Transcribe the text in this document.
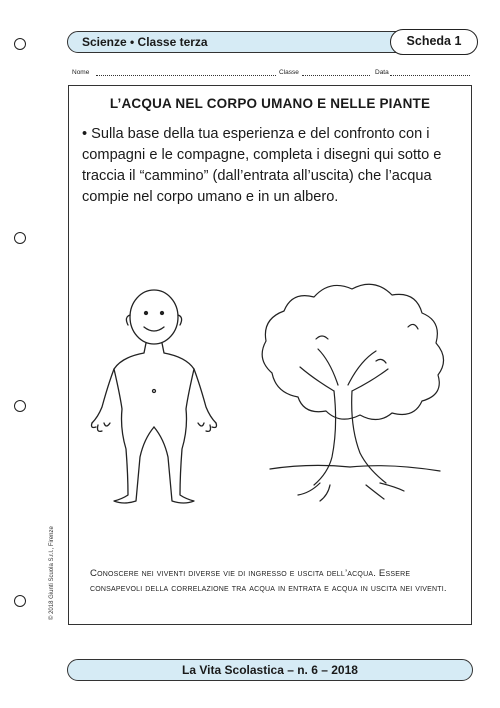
Scienze • Classe terza	Scheda 1
Nome	Classe	Data
L’ACQUA NEL CORPO UMANO E NELLE PIANTE
• Sulla base della tua esperienza e del confronto con i compagni e le compagne, completa i disegni qui sotto e traccia il “cammino” (dall’entrata all’uscita) che l’acqua compie nel corpo umano e in un albero.
Conoscere nei viventi diverse vie di ingresso e uscita dell’acqua. Essere consapevoli della correlazione tra acqua in entrata e acqua in uscita nei viventi.
© 2018 Giunti Scuola S.r.l., Firenze
La Vita Scolastica – n. 6 – 2018
